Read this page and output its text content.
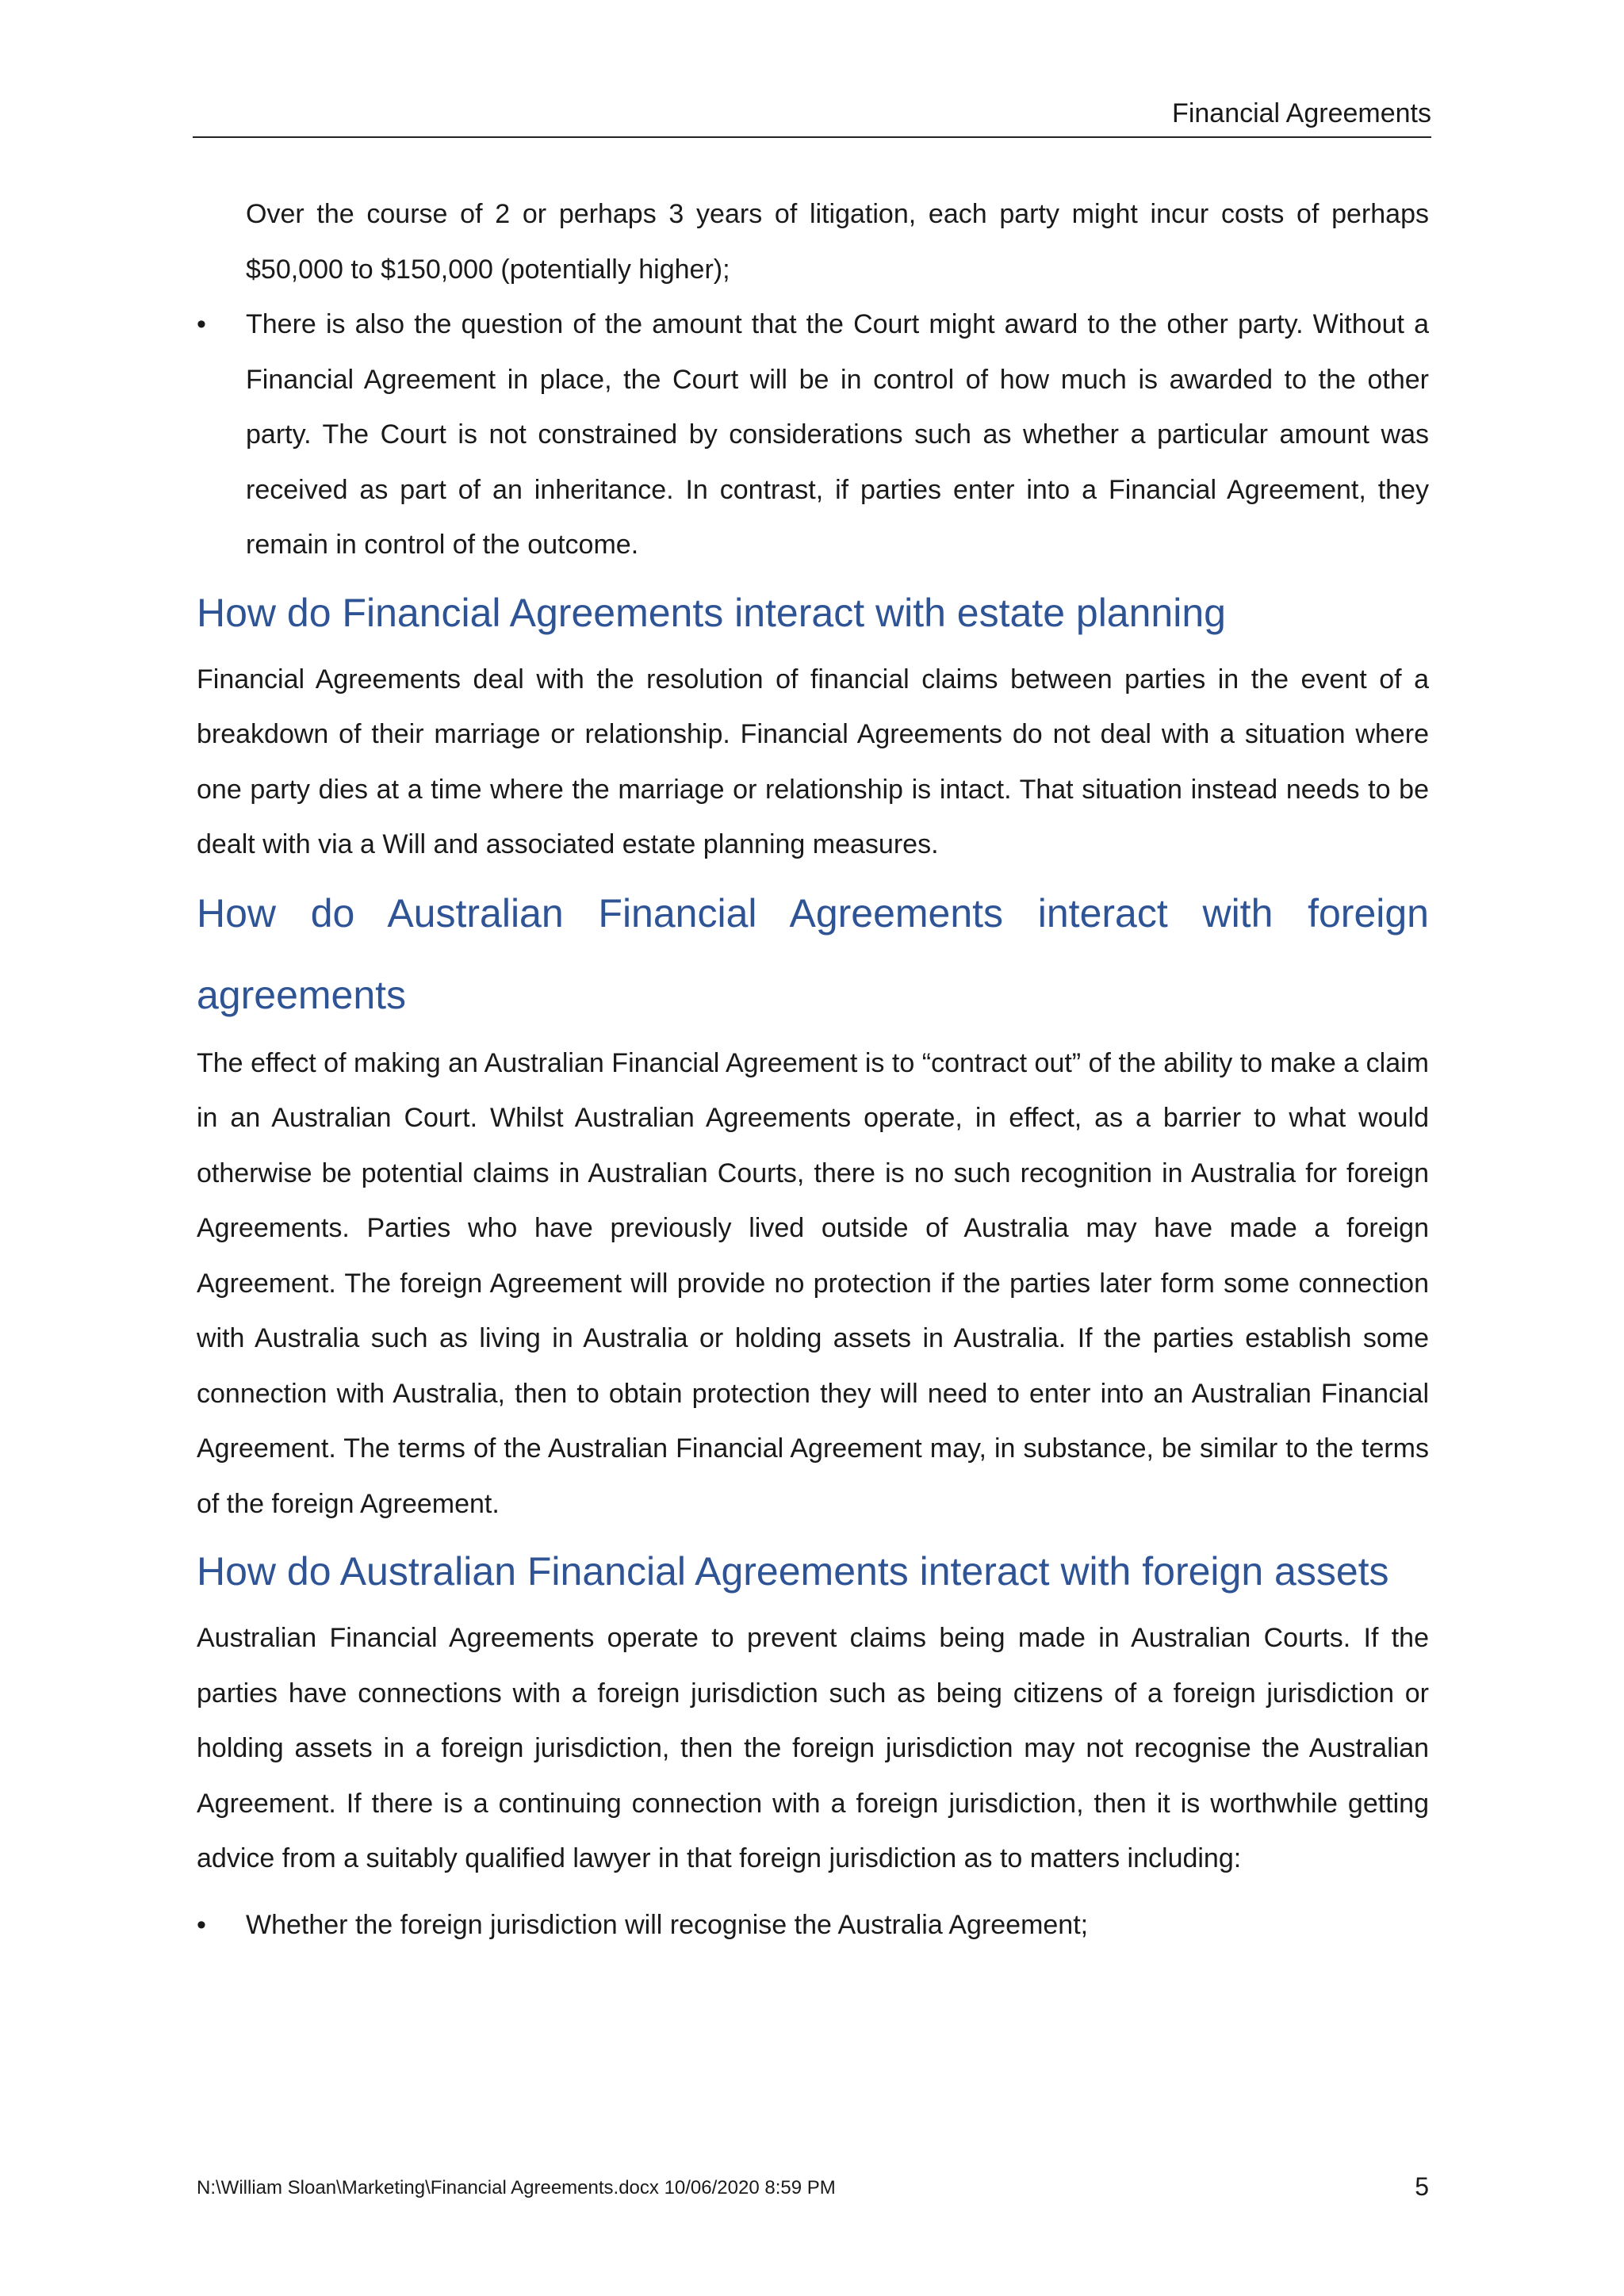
Financial Agreements

Over the course of 2 or perhaps 3 years of litigation, each party might incur costs of perhaps $50,000 to $150,000 (potentially higher);

• There is also the question of the amount that the Court might award to the other party. Without a Financial Agreement in place, the Court will be in control of how much is awarded to the other party. The Court is not constrained by considerations such as whether a particular amount was received as part of an inheritance. In contrast, if parties enter into a Financial Agreement, they remain in control of the outcome.
How do Financial Agreements interact with estate planning

Financial Agreements deal with the resolution of financial claims between parties in the event of a breakdown of their marriage or relationship. Financial Agreements do not deal with a situation where one party dies at a time where the marriage or relationship is intact. That situation instead needs to be dealt with via a Will and associated estate planning measures.

How do Australian Financial Agreements interact with foreign agreements

The effect of making an Australian Financial Agreement is to “contract out” of the ability to make a claim in an Australian Court. Whilst Australian Agreements operate, in effect, as a barrier to what would otherwise be potential claims in Australian Courts, there is no such recognition in Australia for foreign Agreements. Parties who have previously lived outside of Australia may have made a foreign Agreement. The foreign Agreement will provide no protection if the parties later form some connection with Australia such as living in Australia or holding assets in Australia. If the parties establish some connection with Australia, then to obtain protection they will need to enter into an Australian Financial Agreement. The terms of the Australian Financial Agreement may, in substance, be similar to the terms of the foreign Agreement.

How do Australian Financial Agreements interact with foreign assets

Australian Financial Agreements operate to prevent claims being made in Australian Courts. If the parties have connections with a foreign jurisdiction such as being citizens of a foreign jurisdiction or holding assets in a foreign jurisdiction, then the foreign jurisdiction may not recognise the Australian Agreement. If there is a continuing connection with a foreign jurisdiction, then it is worthwhile getting advice from a suitably qualified lawyer in that foreign jurisdiction as to matters including:

• Whether the foreign jurisdiction will recognise the Australia Agreement;
N:\William Sloan\Marketing\Financial Agreements.docx 10/06/2020 8:59 PM	5
